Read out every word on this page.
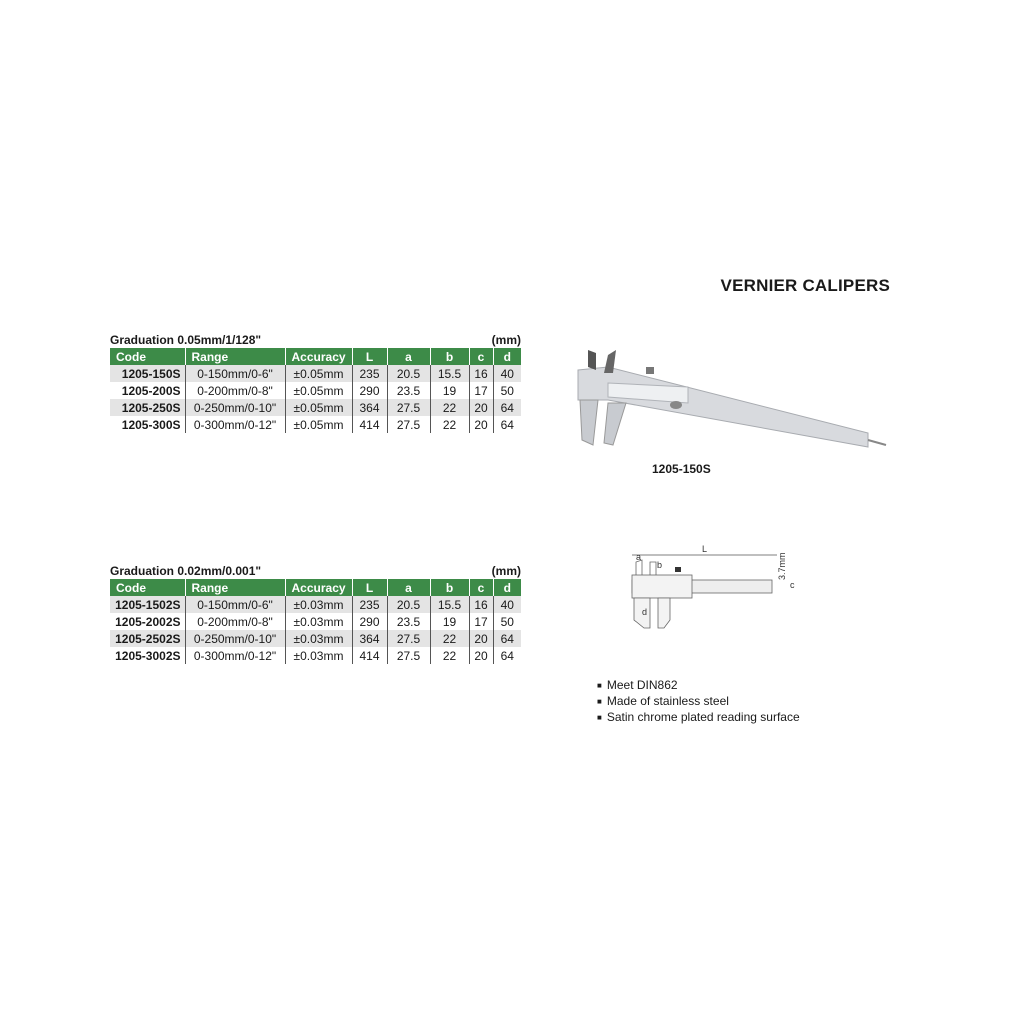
VERNIER CALIPERS
Graduation 0.05mm/1/128"	(mm)
Code	Range	Accuracy	L	a	b	c	d
1205-150S	0-150mm/0-6"	±0.05mm	235	20.5	15.5	16	40
1205-200S	0-200mm/0-8"	±0.05mm	290	23.5	19	17	50
1205-250S	0-250mm/0-10"	±0.05mm	364	27.5	22	20	64
1205-300S	0-300mm/0-12"	±0.05mm	414	27.5	22	20	64
Graduation 0.02mm/0.001"	(mm)
Code	Range	Accuracy	L	a	b	c	d
1205-1502S	0-150mm/0-6"	±0.03mm	235	20.5	15.5	16	40
1205-2002S	0-200mm/0-8"	±0.03mm	290	23.5	19	17	50
1205-2502S	0-250mm/0-10"	±0.03mm	364	27.5	22	20	64
1205-3002S	0-300mm/0-12"	±0.03mm	414	27.5	22	20	64
1205-150S
L
a
b
d
c
3.7mm
■ Meet DIN862
■ Made of stainless steel
■ Satin chrome plated reading surface
